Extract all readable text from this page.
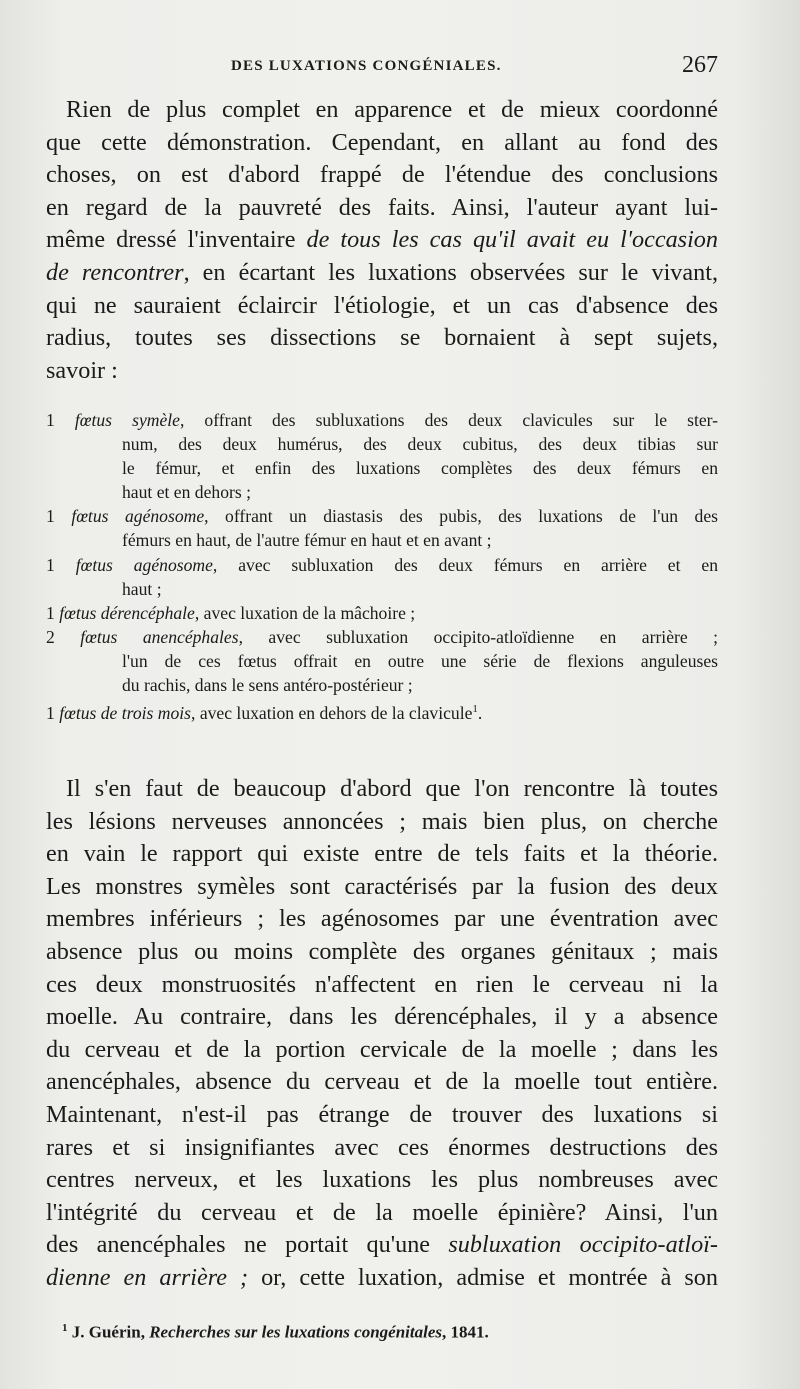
DES LUXATIONS CONGÉNIALES.	267
Rien de plus complet en apparence et de mieux coordonné
que cette démonstration. Cependant, en allant au fond des
choses, on est d'abord frappé de l'étendue des conclusions
en regard de la pauvreté des faits. Ainsi, l'auteur ayant lui-
même dressé l'inventaire de tous les cas qu'il avait eu l'occasion
de rencontrer, en écartant les luxations observées sur le vivant,
qui ne sauraient éclaircir l'étiologie, et un cas d'absence des
radius, toutes ses dissections se bornaient à sept sujets,
savoir :
1 fœtus symèle, offrant des subluxations des deux clavicules sur le ster-
num, des deux humérus, des deux cubitus, des deux tibias sur
le fémur, et enfin des luxations complètes des deux fémurs en
haut et en dehors ;
1 fœtus agénosome, offrant un diastasis des pubis, des luxations de l'un des
fémurs en haut, de l'autre fémur en haut et en avant ;
1 fœtus agénosome, avec subluxation des deux fémurs en arrière et en
haut ;
1 fœtus dérencéphale, avec luxation de la mâchoire ;
2 fœtus anencéphales, avec subluxation occipito-atloïdienne en arrière ;
l'un de ces fœtus offrait en outre une série de flexions anguleuses
du rachis, dans le sens antéro-postérieur ;
1 fœtus de trois mois, avec luxation en dehors de la clavicule$^1$.
Il s'en faut de beaucoup d'abord que l'on rencontre là toutes
les lésions nerveuses annoncées ; mais bien plus, on cherche
en vain le rapport qui existe entre de tels faits et la théorie.
Les monstres symèles sont caractérisés par la fusion des deux
membres inférieurs ; les agénosomes par une éventration avec
absence plus ou moins complète des organes génitaux ; mais
ces deux monstruosités n'affectent en rien le cerveau ni la
moelle. Au contraire, dans les dérencéphales, il y a absence
du cerveau et de la portion cervicale de la moelle ; dans les
anencéphales, absence du cerveau et de la moelle tout entière.
Maintenant, n'est-il pas étrange de trouver des luxations si
rares et si insignifiantes avec ces énormes destructions des
centres nerveux, et les luxations les plus nombreuses avec
l'intégrité du cerveau et de la moelle épinière? Ainsi, l'un
des anencéphales ne portait qu'une subluxation occipito-atloï-
dienne en arrière ; or, cette luxation, admise et montrée à son
$^1$ J. Guérin, Recherches sur les luxations congénitales, 1841.
